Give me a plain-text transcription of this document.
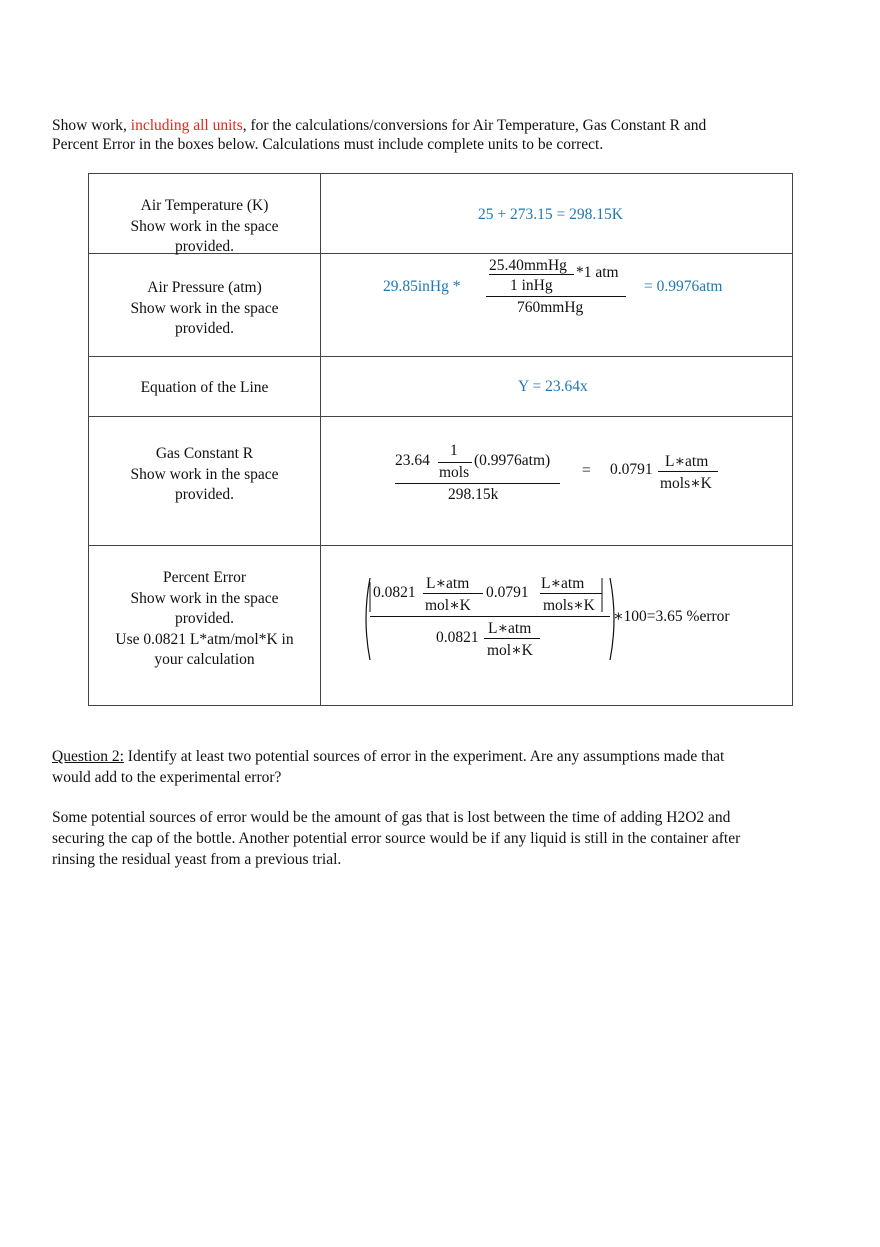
Show work, including all units, for the calculations/conversions for Air Temperature, Gas Constant R and
Percent Error in the boxes below. Calculations must include complete units to be correct.
Air Temperature (K)
Show work in the space
provided.
25 + 273.15 = 298.15K
Air Pressure (atm)
Show work in the space
provided.
29.85inHg *
25.40mmHg *1 atm
1 inHg
760mmHg
= 0.9976atm
Equation of the Line	Y = 23.64x
Gas Constant R
Show work in the space
provided.
23.64
1
mols
(0.9976atm)
298.15k
= 0.0791 L∗atm
mols∗K
Percent Error
Show work in the space
provided.
Use 0.0821 L*atm/mol*K in
your calculation
0.0821
L∗atm
mol∗K
0.0791
L∗atm
mols∗K
0.0821
L∗atm
mol∗K
∗100=3.65 %error
Question 2: Identify at least two potential sources of error in the experiment. Are any assumptions made that
would add to the experimental error?
Some potential sources of error would be the amount of gas that is lost between the time of adding H2O2 and
securing the cap of the bottle. Another potential error source would be if any liquid is still in the container after
rinsing the residual yeast from a previous trial.
